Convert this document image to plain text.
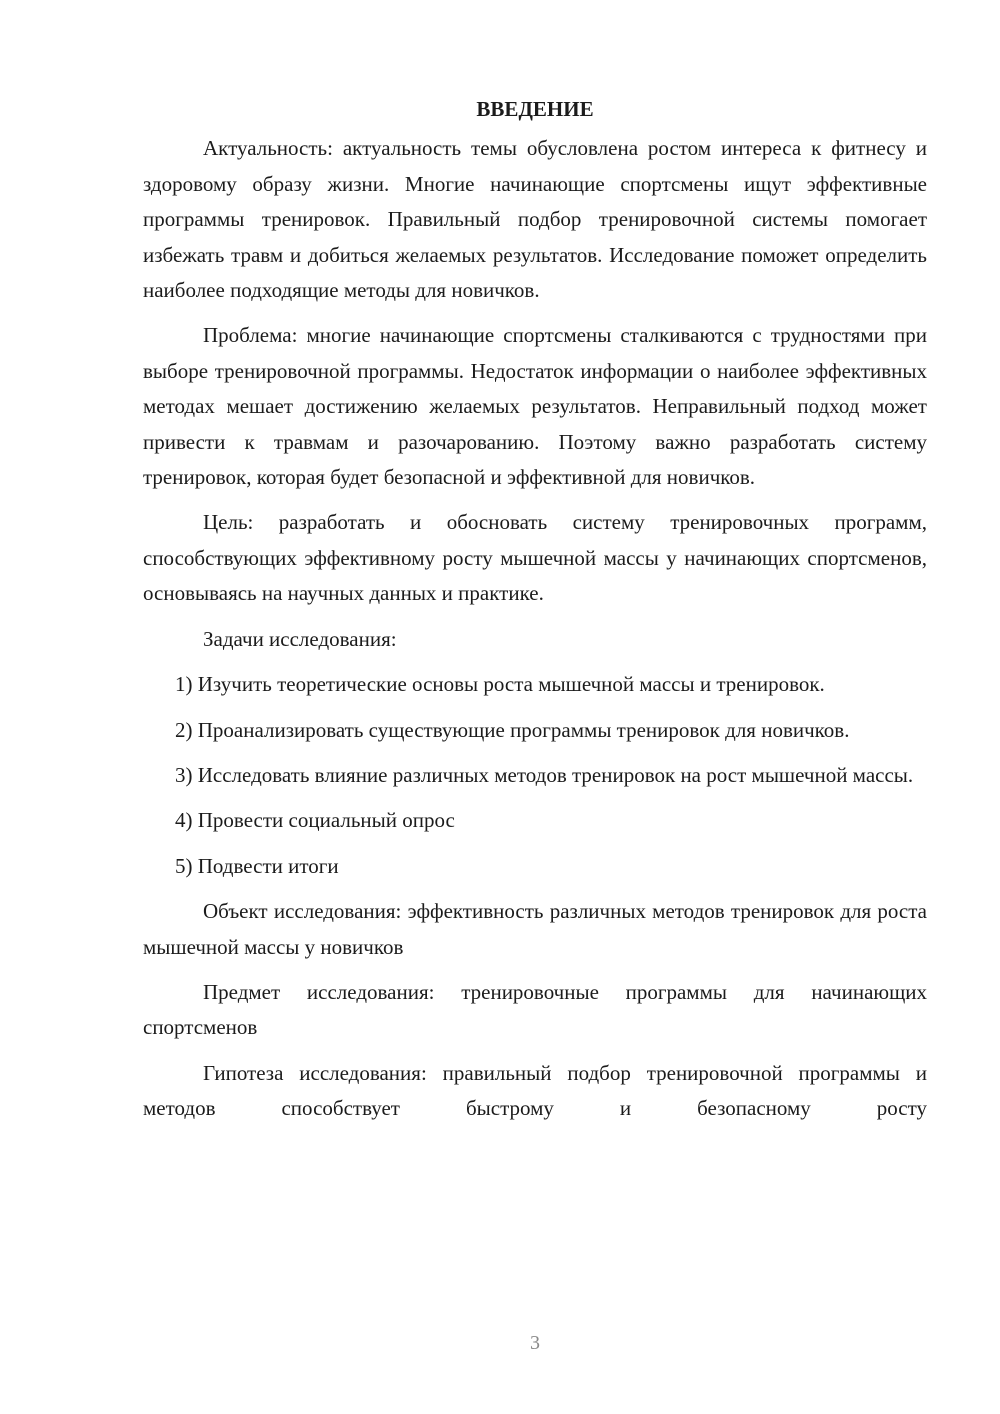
ВВЕДЕНИЕ

Актуальность: актуальность темы обусловлена ростом интереса к фитнесу и здоровому образу жизни. Многие начинающие спортсмены ищут эффективные программы тренировок. Правильный подбор тренировочной системы помогает избежать травм и добиться желаемых результатов. Исследование поможет определить наиболее подходящие методы для новичков.

Проблема: многие начинающие спортсмены сталкиваются с трудностями при выборе тренировочной программы. Недостаток информации о наиболее эффективных методах мешает достижению желаемых результатов. Неправильный подход может привести к травмам и разочарованию. Поэтому важно разработать систему тренировок, которая будет безопасной и эффективной для новичков.

Цель: разработать и обосновать систему тренировочных программ, способствующих эффективному росту мышечной массы у начинающих спортсменов, основываясь на научных данных и практике.

Задачи исследования:

1) Изучить теоретические основы роста мышечной массы и тренировок.

2) Проанализировать существующие программы тренировок для новичков.

3) Исследовать влияние различных методов тренировок на рост мышечной массы.

4) Провести социальный опрос

5) Подвести итоги

Объект исследования: эффективность различных методов тренировок для роста мышечной массы у новичков

Предмет исследования: тренировочные программы для начинающих спортсменов

Гипотеза исследования: правильный подбор тренировочной программы и методов способствует быстрому и безопасному росту

3
